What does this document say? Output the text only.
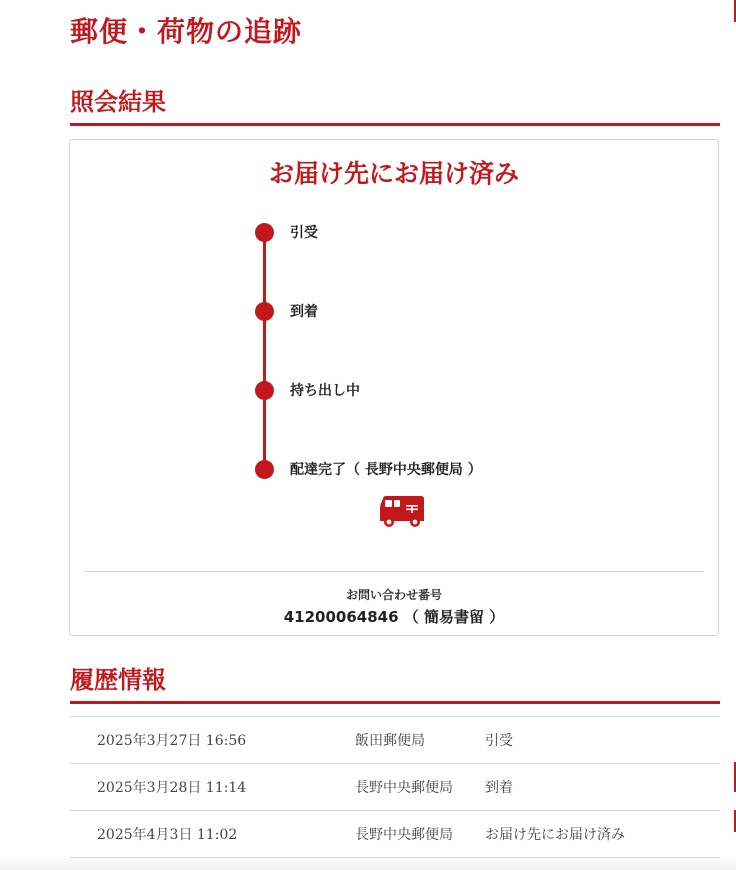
郵便・荷物の追跡
照会結果
お届け先にお届け済み
引受
到着
持ち出し中
配達完了（ 長野中央郵便局 ）
お問い合わせ番号
41200064846 （ 簡易書留 ）
履歴情報
2025年3月27日 16:56	飯田郵便局	引受
2025年3月28日 11:14	長野中央郵便局	到着
2025年4月3日 11:02	長野中央郵便局	お届け先にお届け済み
